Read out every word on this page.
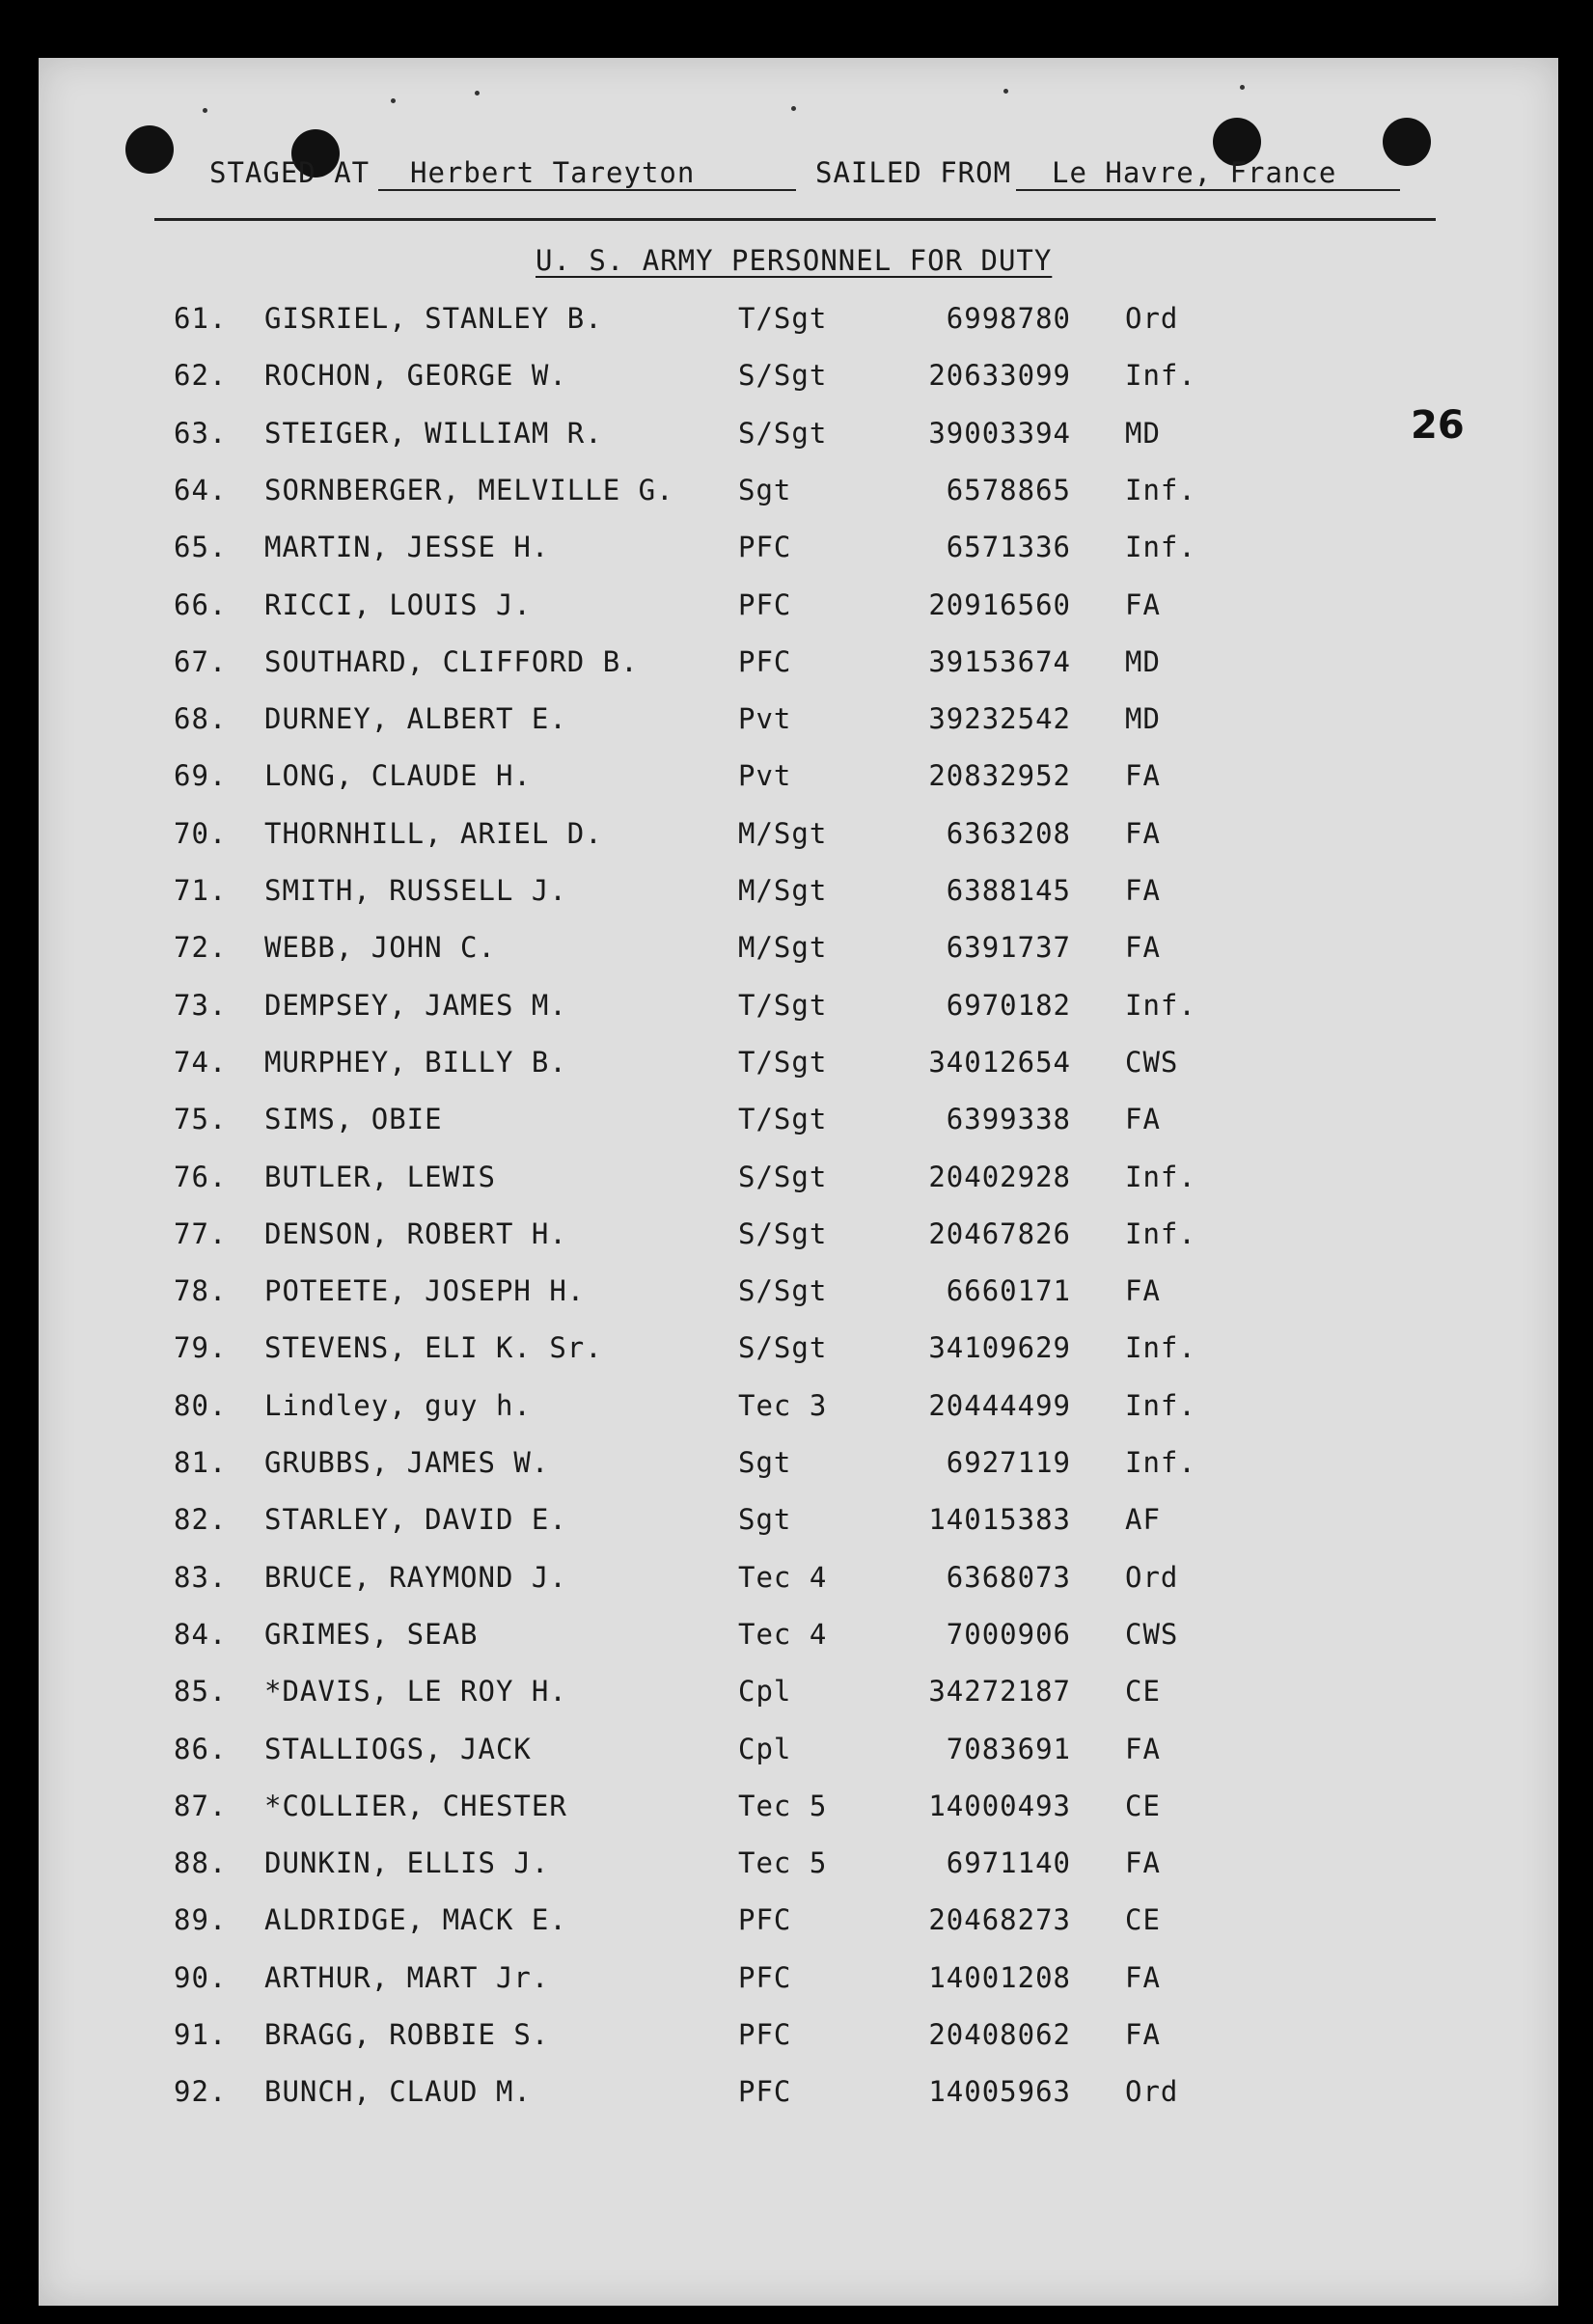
STAGED AT Herbert Tareyton	SAILED FROM Le Havre, France
U. S. ARMY PERSONNEL FOR DUTY
26
61. GISRIEL, STANLEY B.	T/Sgt	6998780 Ord
62. ROCHON, GEORGE W.	S/Sgt	20633099 Inf.
63. STEIGER, WILLIAM R.	S/Sgt	39003394 MD
64. SORNBERGER, MELVILLE G. Sgt	6578865 Inf.
65. MARTIN, JESSE H.	PFC	6571336 Inf.
66. RICCI, LOUIS J.	PFC	20916560 FA
67. SOUTHARD, CLIFFORD B.	PFC	39153674 MD
68. DURNEY, ALBERT E.	Pvt	39232542 MD
69. LONG, CLAUDE H.	Pvt	20832952 FA
70. THORNHILL, ARIEL D.	M/Sgt	6363208 FA
71. SMITH, RUSSELL J.	M/Sgt	6388145 FA
72. WEBB, JOHN C.	M/Sgt	6391737 FA
73. DEMPSEY, JAMES M.	T/Sgt	6970182 Inf.
74. MURPHEY, BILLY B.	T/Sgt	34012654 CWS
75. SIMS, OBIE	T/Sgt	6399338 FA
76. BUTLER, LEWIS	S/Sgt	20402928 Inf.
77. DENSON, ROBERT H.	S/Sgt	20467826 Inf.
78. POTEETE, JOSEPH H.	S/Sgt	6660171 FA
79. STEVENS, ELI K. Sr.	S/Sgt	34109629 Inf.
80. Lindley, guy h.	Tec 3	20444499 Inf.
81. GRUBBS, JAMES W.	Sgt	6927119 Inf.
82. STARLEY, DAVID E.	Sgt	14015383 AF
83. BRUCE, RAYMOND J.	Tec 4	6368073 Ord
84. GRIMES, SEAB	Tec 4	7000906 CWS
85. *DAVIS, LE ROY H.	Cpl	34272187 CE
86. STALLIOGS, JACK	Cpl	7083691 FA
87. *COLLIER, CHESTER	Tec 5	14000493 CE
88. DUNKIN, ELLIS J.	Tec 5	6971140 FA
89. ALDRIDGE, MACK E.	PFC	20468273 CE
90. ARTHUR, MART Jr.	PFC	14001208 FA
91. BRAGG, ROBBIE S.	PFC	20408062 FA
92. BUNCH, CLAUD M.	PFC	14005963 Ord
